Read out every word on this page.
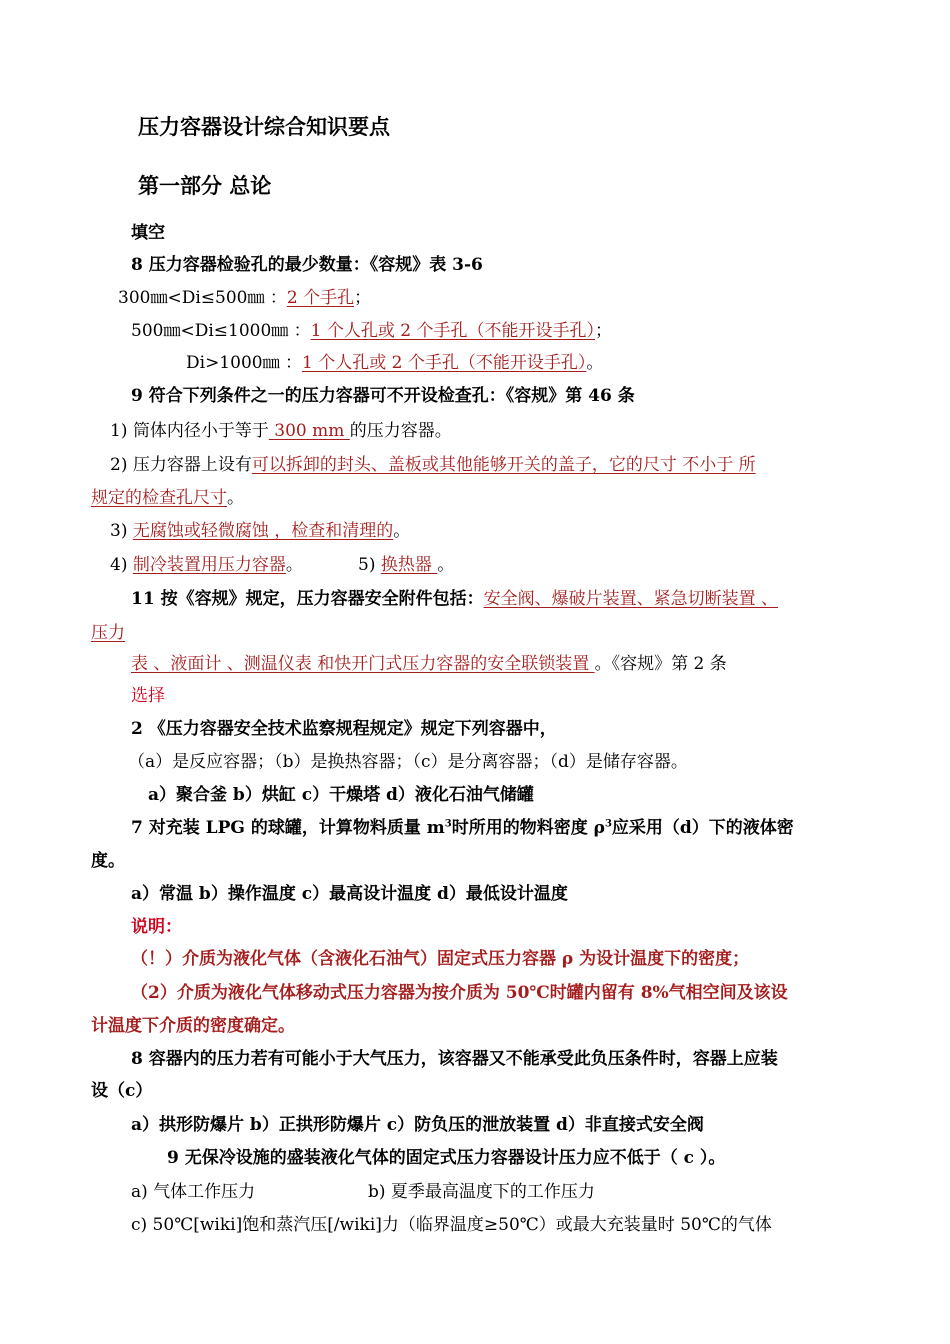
压力容器设计综合知识要点
第一部分 总论
填空
8 压力容器检验孔的最少数量：《容规》表 3-6
300㎜<Di≤500㎜ ：2 个手孔；
500㎜<Di≤1000㎜ ：1 个人孔或 2 个手孔（不能开设手孔）；
Di>1000㎜ ：1 个人孔或 2 个手孔（不能开设手孔）。
9 符合下列条件之一的压力容器可不开设检查孔：《容规》第 46 条
1) 筒体内径小于等于 300 mm 的压力容器。
2) 压力容器上设有可以拆卸的封头、盖板或其他能够开关的盖子，它的尺寸 不小于 所
规定的检查孔尺寸。
3) 无腐蚀或轻微腐蚀 ，检查和清理的。
4) 制冷装置用压力容器。	5) 换热器 。
11 按《容规》规定，压力容器安全附件包括：安全阀、爆破片装置、紧急切断装置 、
压力
表 、液面计 、测温仪表 和快开门式压力容器的安全联锁装置 。《容规》第 2 条
选择
2 《压力容器安全技术监察规程规定》规定下列容器中，
（a）是反应容器；（b）是换热容器；（c）是分离容器；（d）是储存容器。
a）聚合釜 b）烘缸 c）干燥塔 d）液化石油气储罐
7 对充装 LPG 的球罐，计算物料质量 $m^3$时所用的物料密度 $\rho^3$应采用（d）下的液体密
度。
a）常温 b）操作温度 c）最高设计温度 d）最低设计温度
说明：
（！）介质为液化气体（含液化石油气）固定式压力容器 ρ 为设计温度下的密度；
（2）介质为液化气体移动式压力容器为按介质为 50℃时罐内留有 8%气相空间及该设
计温度下介质的密度确定。
8 容器内的压力若有可能小于大气压力，该容器又不能承受此负压条件时，容器上应装
设（c）
a）拱形防爆片 b）正拱形防爆片 c）防负压的泄放装置 d）非直接式安全阀
9 无保冷设施的盛装液化气体的固定式压力容器设计压力应不低于（ c ）。
a) 气体工作压力	b) 夏季最高温度下的工作压力
c) 50℃[wiki]饱和蒸汽压[/wiki]力（临界温度≥50℃）或最大充装量时 50℃的气体
